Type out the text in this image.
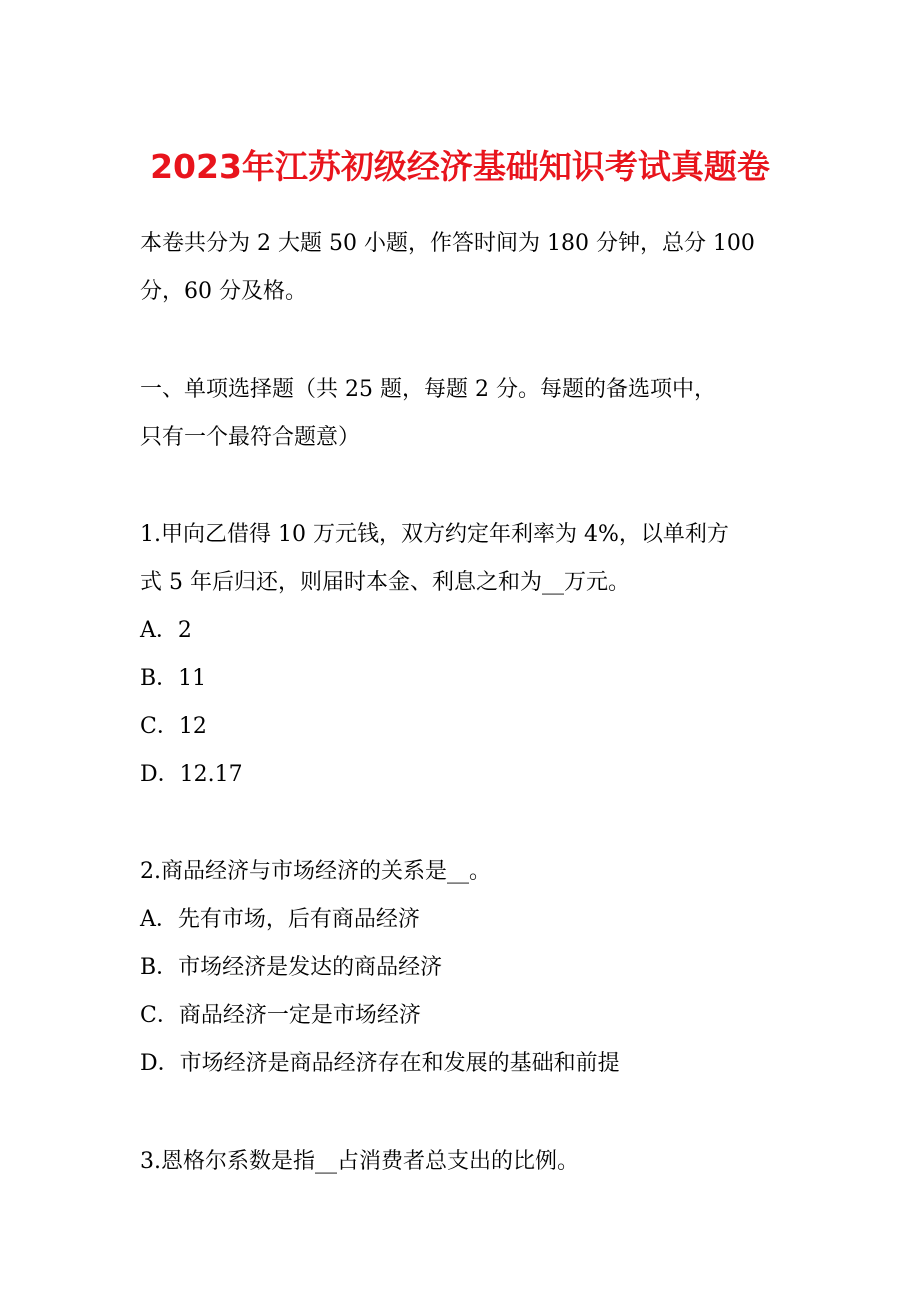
2023年江苏初级经济基础知识考试真题卷
本卷共分为 2 大题 50 小题，作答时间为 180 分钟，总分 100
分，60 分及格。
一、单项选择题（共 25 题，每题 2 分。每题的备选项中，
只有一个最符合题意）
1.甲向乙借得 10 万元钱，双方约定年利率为 4%，以单利方
式 5 年后归还，则届时本金、利息之和为__万元。
A．2
B．11
C．12
D．12.17
2.商品经济与市场经济的关系是__。
A．先有市场，后有商品经济
B．市场经济是发达的商品经济
C．商品经济一定是市场经济
D．市场经济是商品经济存在和发展的基础和前提
3.恩格尔系数是指__占消费者总支出的比例。
